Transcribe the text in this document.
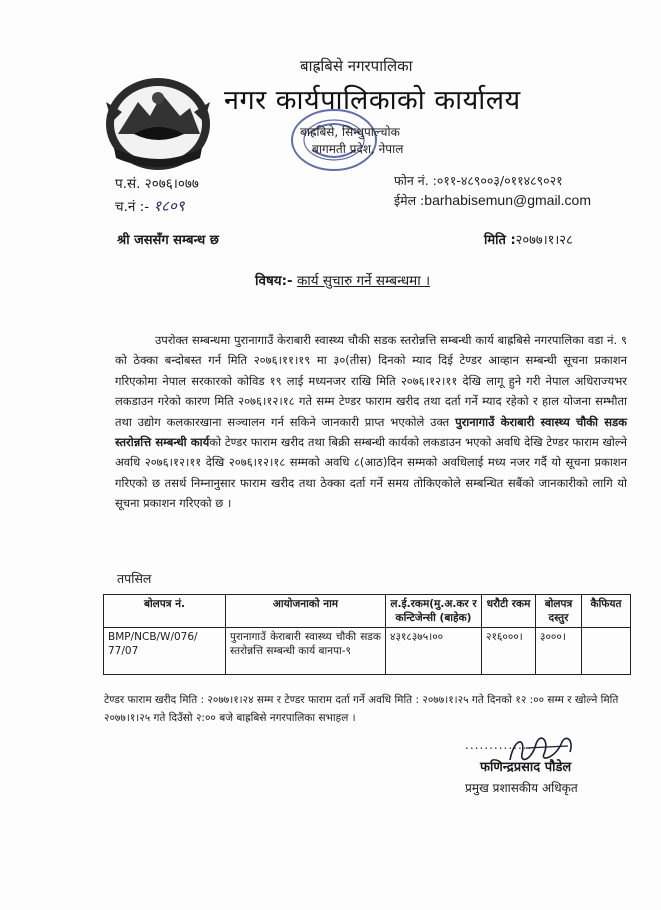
बाह्रबिसे नगरपालिका
नगर कार्यपालिकाको कार्यालय
बाह्रबिसे, सिन्धुपाल्चोक
बागमती प्रदेश, नेपाल
प.सं. २०७६।०७७
च.नं :- १८०९
फोन नं. :०११-४८९००३/०११४८९०२१
ईमेल :barhabisemun@gmail.com
श्री जससँग सम्बन्ध छ	मिति :२०७७।१।२८
विषय:- कार्य सुचारु गर्ने सम्बन्धमा ।
उपरोक्त सम्बन्धमा पुरानागाउँ केराबारी स्वास्थ्य चौकी सडक स्तरोन्नत्ति सम्बन्धी कार्य बाह्रबिसे नगरपालिका वडा नं. ९ को ठेक्का बन्दोबस्त गर्न मिति २०७६।११।१९ मा ३०(तीस) दिनको म्याद दिई टेण्डर आव्हान सम्बन्धी सूचना प्रकाशन गरिएकोमा नेपाल सरकारको कोविड १९ लाई मध्यनजर राखि मिति २०७६।१२।११ देखि लागू हुने गरी नेपाल अधिराज्यभर लकडाउन गरेको कारण मिति २०७६।१२।१८ गते सम्म टेण्डर फाराम खरीद तथा दर्ता गर्ने म्याद रहेको र हाल योजना सम्भौता तथा उद्योग कलकारखाना सञ्चालन गर्न सकिने जानकारी प्राप्त भएकोले उक्त पुरानागाउँ केराबारी स्वास्थ्य चौकी सडक स्तरोन्नत्ति सम्बन्धी कार्यको टेण्डर फाराम खरीद तथा बिक्री सम्बन्धी कार्यको लकडाउन भएको अवधि देखि टेण्डर फाराम खोल्ने अवधि २०७६।१२।११ देखि २०७६।१२।१८ सम्मको अवधि ८(आठ)दिन सम्मको अवधिलाई मध्य नजर गर्दै यो सूचना प्रकाशन गरिएको छ तसर्थ निम्नानुसार फाराम खरीद तथा ठेक्का दर्ता गर्ने समय तोकिएकोले सम्बन्धित सबैंको जानकारीको लागि यो सूचना प्रकाशन गरिएको छ ।
तपसिल
बोलपत्र नं.	आयोजनाको नाम	ल.ई.रकम(मु.अ.कर र कन्टिजेन्सी (बाहेक)	धरौटी रकम	बोलपत्र दस्तुर	कैफियत
BMP/NCB/W/076/ 77/07	पुरानागाउँ केराबारी स्वास्थ्य चौकी सडक स्तरोन्नत्ति सम्बन्धी कार्य बानपा-९	४३१८३७५।००	२१६०००।	३०००।	
टेण्डर फाराम खरीद मिति : २०७७।१।२४ सम्म र टेण्डर फाराम दर्ता गर्ने अवधि मिति : २०७७।१।२५ गते दिनको १२ :०० सम्म र खोल्ने मिति २०७७।१।२५ गते दिउँसो २:०० बजे बाह्रबिसे नगरपालिका सभाहल ।
...............
फणिन्द्रप्रसाद पौडेल
प्रमुख प्रशासकीय अधिकृत
